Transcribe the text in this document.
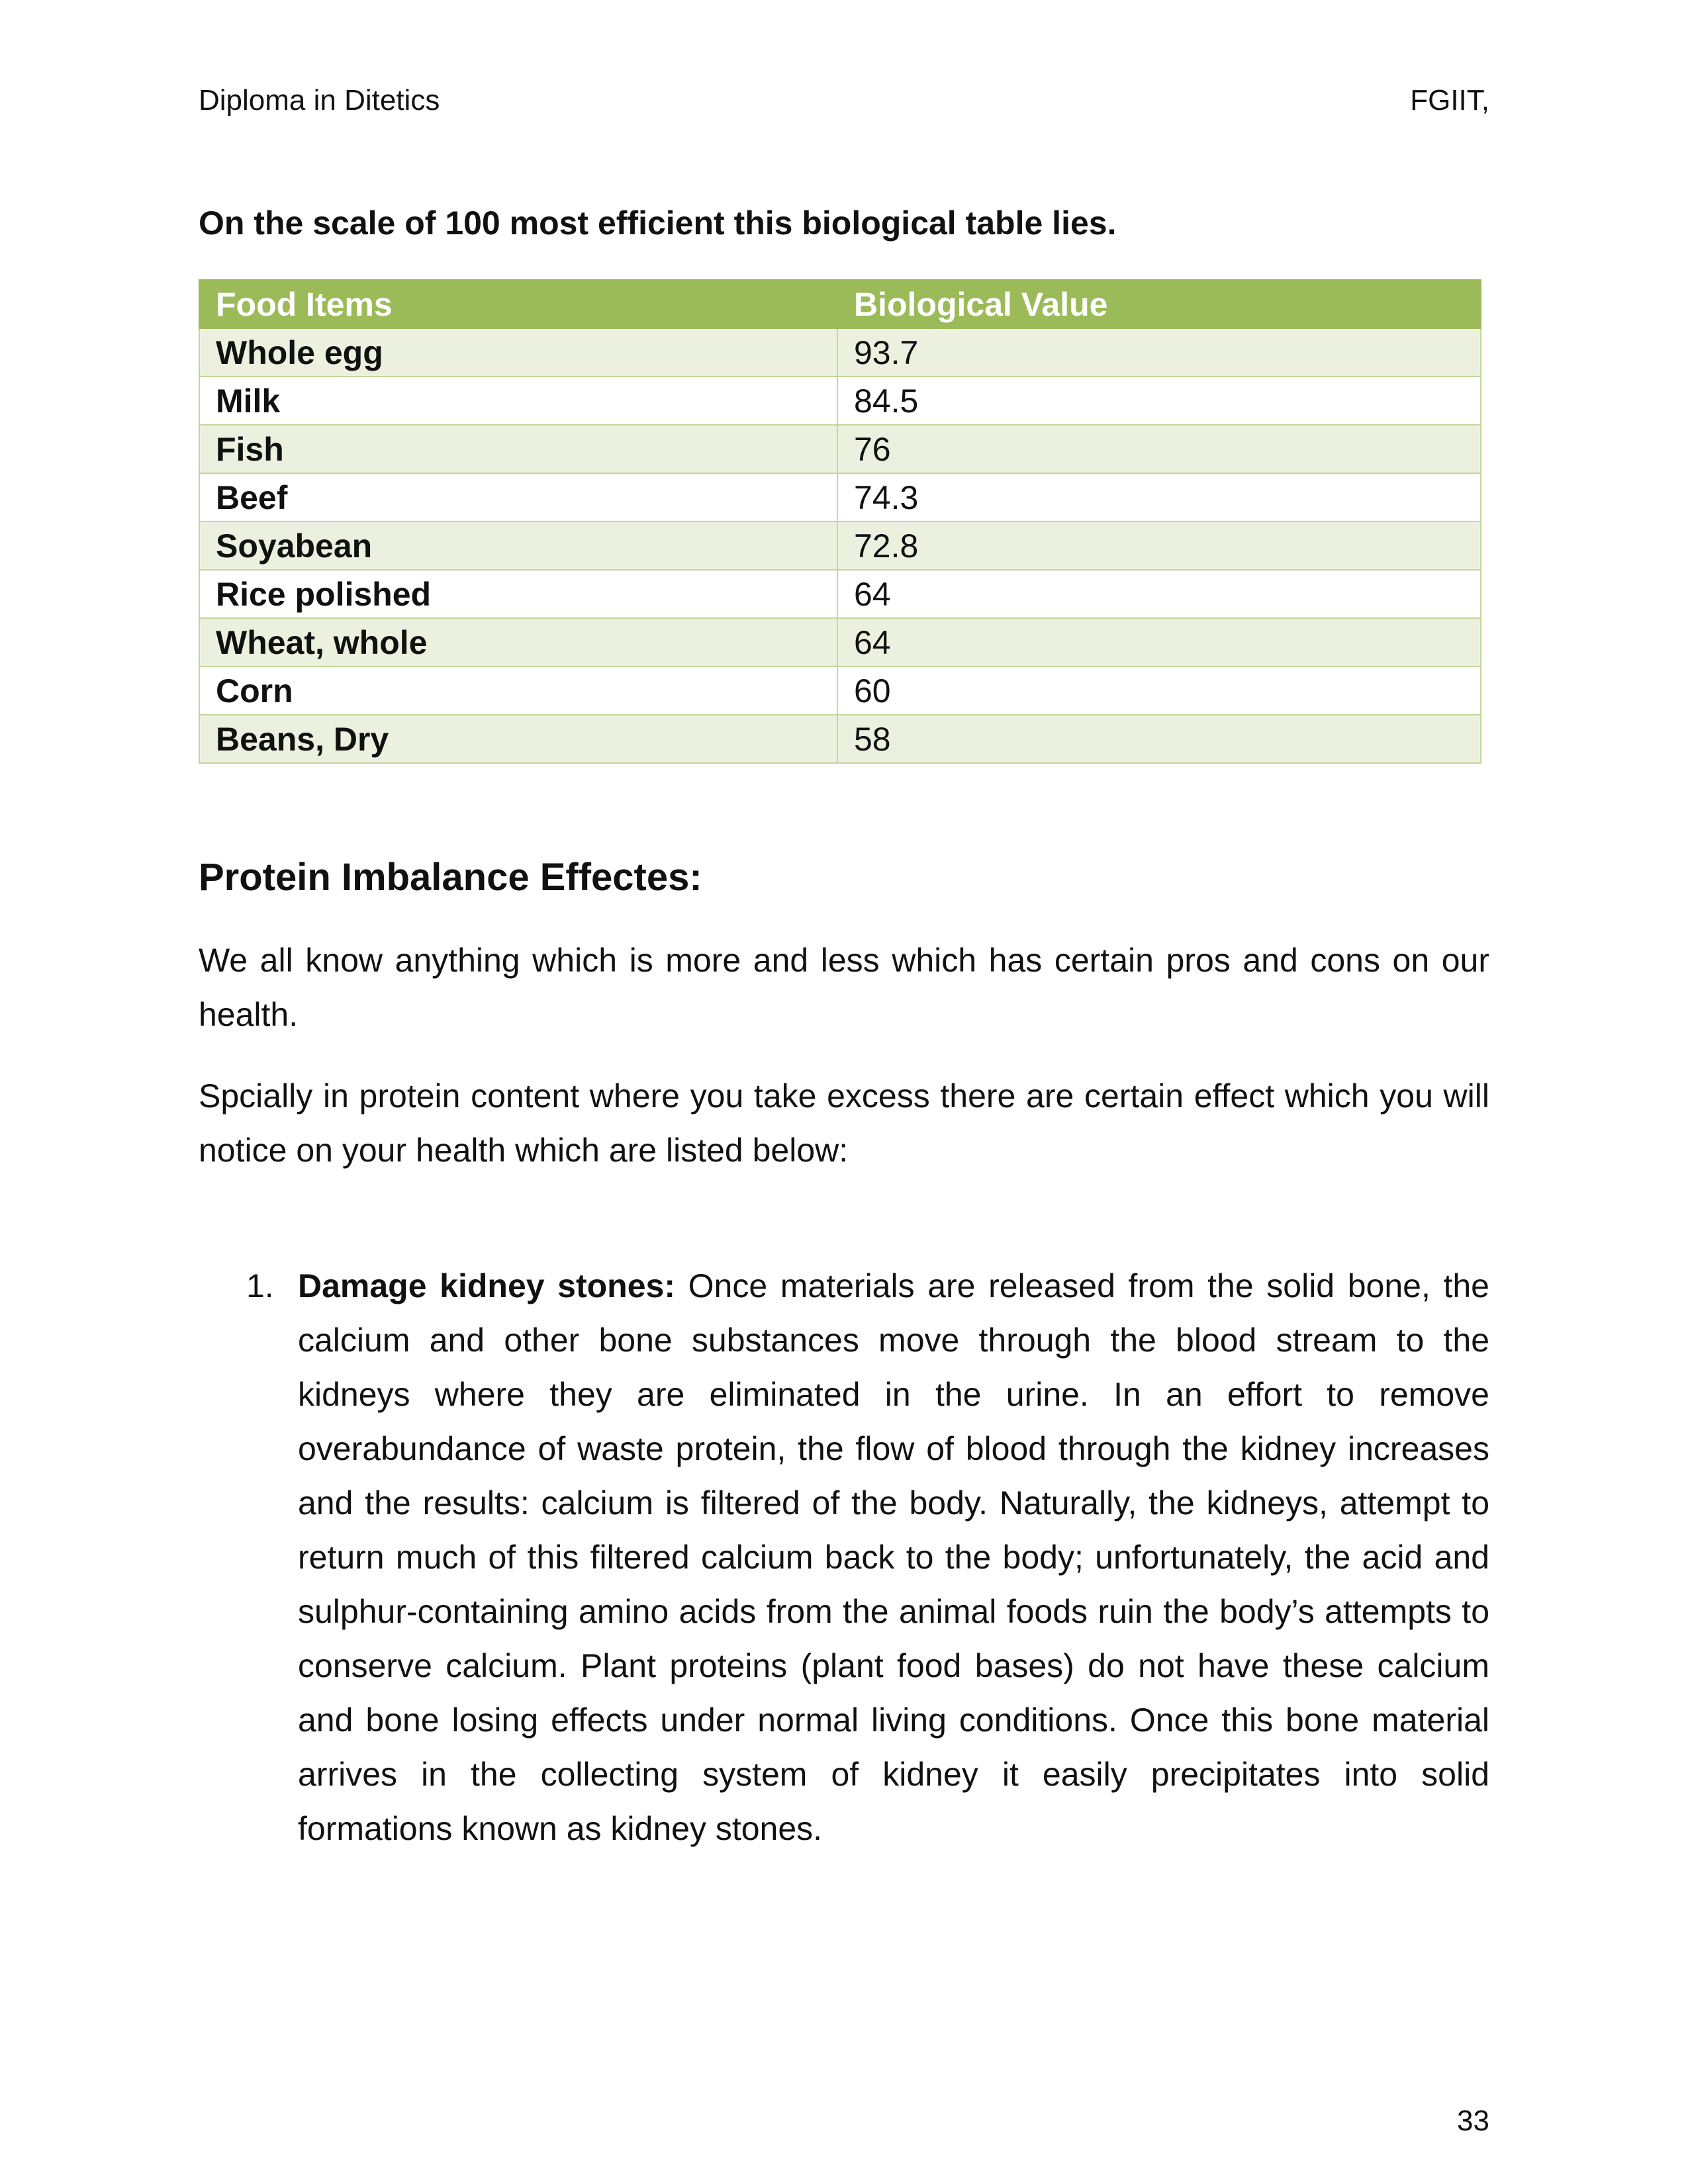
Diploma in Ditetics	FGIIT,
On the scale of 100 most efficient this biological table lies.
Food Items	Biological Value
Whole egg	93.7
Milk	84.5
Fish	76
Beef	74.3
Soyabean	72.8
Rice polished	64
Wheat, whole	64
Corn	60
Beans, Dry	58
Protein Imbalance Effectes:

We all know anything which is more and less which has certain pros and cons on our health.

Spcially in protein content where you take excess there are certain effect which you will notice on your health which are listed below:

1. Damage kidney stones: Once materials are released from the solid bone, the calcium and other bone substances move through the blood stream to the kidneys where they are eliminated in the urine. In an effort to remove overabundance of waste protein, the flow of blood through the kidney increases and the results: calcium is filtered of the body. Naturally, the kidneys, attempt to return much of this filtered calcium back to the body; unfortunately, the acid and sulphur-containing amino acids from the animal foods ruin the body’s attempts to conserve calcium. Plant proteins (plant food bases) do not have these calcium and bone losing effects under normal living conditions. Once this bone material arrives in the collecting system of kidney it easily precipitates into solid formations known as kidney stones.

33
